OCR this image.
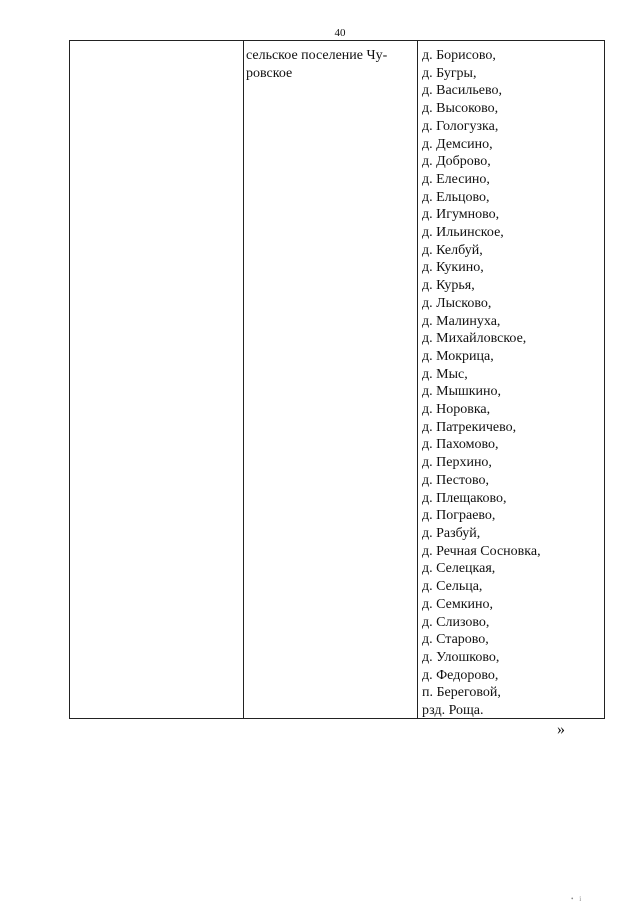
40
сельское поселение Чу-
ровское
д. Борисово,
д. Бугры,
д. Васильево,
д. Высоково,
д. Гологузка,
д. Демсино,
д. Доброво,
д. Елесино,
д. Ельцово,
д. Игумново,
д. Ильинское,
д. Келбуй,
д. Кукино,
д. Курья,
д. Лысково,
д. Малинуха,
д. Михайловское,
д. Мокрица,
д. Мыс,
д. Мышкино,
д. Норовка,
д. Патрекичево,
д. Пахомово,
д. Перхино,
д. Пестово,
д. Плещаково,
д. Пограево,
д. Разбуй,
д. Речная Сосновка,
д. Селецкая,
д. Сельца,
д. Семкино,
д. Слизово,
д. Старово,
д. Улошково,
д. Федорово,
п. Береговой,
рзд. Роща.
»
• і
